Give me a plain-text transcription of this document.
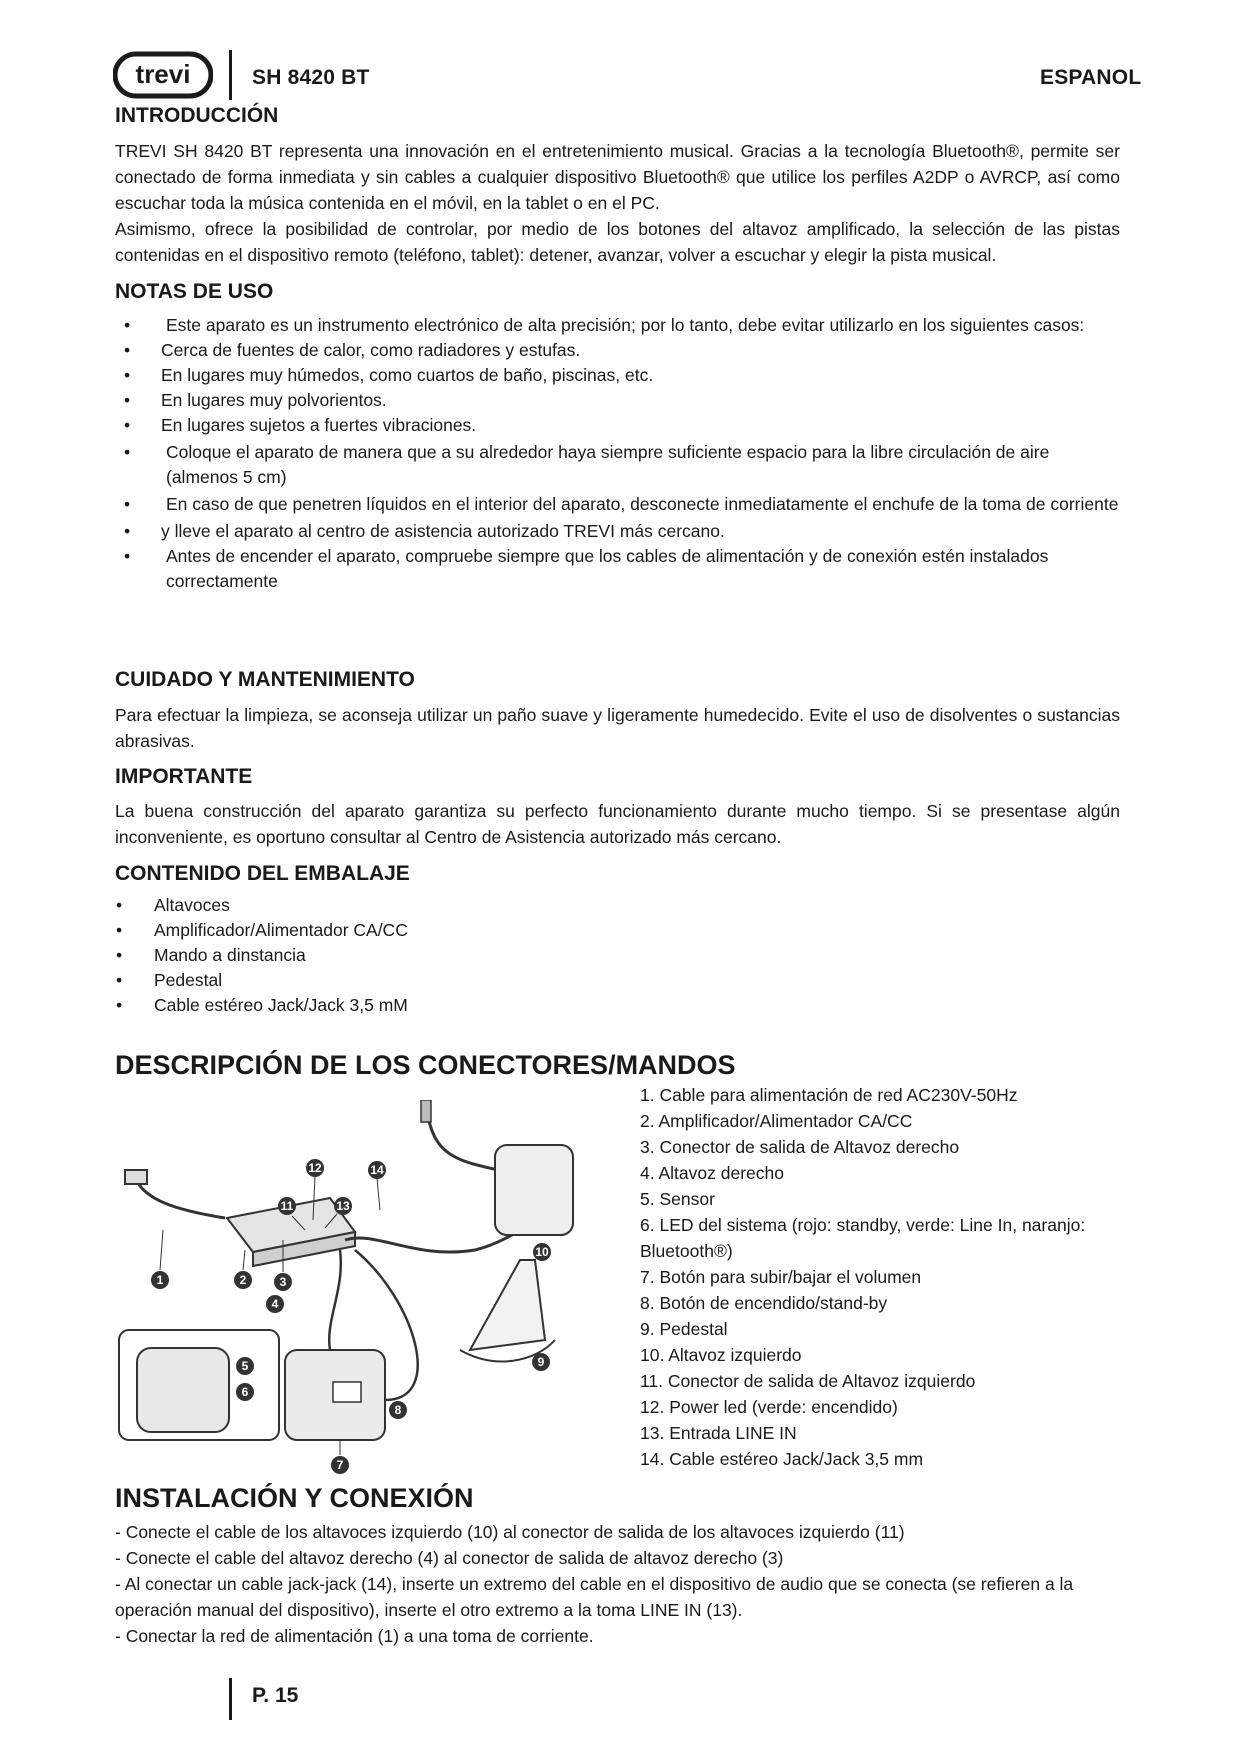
trevi	SH 8420 BT	ESPANOL
INTRODUCCIÓN

TREVI SH 8420 BT representa una innovación en el entretenimiento musical. Gracias a la tecnología Bluetooth®, permite ser conectado de forma inmediata y sin cables a cualquier dispositivo Bluetooth® que utilice los perfiles A2DP o AVRCP, así como escuchar toda la música contenida en el móvil, en la tablet o en el PC.

Asimismo, ofrece la posibilidad de controlar, por medio de los botones del altavoz amplificado, la selección de las pistas contenidas en el dispositivo remoto (teléfono, tablet): detener, avanzar, volver a escuchar y elegir la pista musical.

NOTAS DE USO
• Este aparato es un instrumento electrónico de alta precisión; por lo tanto, debe evitar utilizarlo en los siguientes casos:
• Cerca de fuentes de calor, como radiadores y estufas.
• En lugares muy húmedos, como cuartos de baño, piscinas, etc.
• En lugares muy polvorientos.
• En lugares sujetos a fuertes vibraciones.
• Coloque el aparato de manera que a su alrededor haya siempre suficiente espacio para la libre circulación de aire (almenos 5 cm)
• En caso de que penetren líquidos en el interior del aparato, desconecte inmediatamente el enchufe de la toma de corriente
• y lleve el aparato al centro de asistencia autorizado TREVI más cercano.
• Antes de encender el aparato, compruebe siempre que los cables de alimentación y de conexión estén instalados correctamente
CUIDADO Y MANTENIMIENTO

Para efectuar la limpieza, se aconseja utilizar un paño suave y ligeramente humedecido. Evite el uso de disolventes o sustancias abrasivas.

IMPORTANTE

La buena construcción del aparato garantiza su perfecto funcionamiento durante mucho tiempo. Si se presentase algún inconveniente, es oportuno consultar al Centro de Asistencia autorizado más cercano.

CONTENIDO DEL EMBALAJE
• Altavoces
• Amplificador/Alimentador CA/CC
• Mando a dinstancia
• Pedestal
• Cable estéreo Jack/Jack 3,5 mM
DESCRIPCIÓN DE LOS CONECTORES/MANDOS
1	2	3
4
5
6
7
8
9
10
11
12
13
14
1. Cable para alimentación de red AC230V-50Hz
2. Amplificador/Alimentador CA/CC
3. Conector de salida de Altavoz derecho
4. Altavoz derecho
5. Sensor
6. LED del sistema (rojo: standby, verde: Line In, naranjo: Bluetooth®)
7. Botón para subir/bajar el volumen
8. Botón de encendido/stand-by
9. Pedestal
10. Altavoz izquierdo
11. Conector de salida de Altavoz izquierdo
12. Power led (verde: encendido)
13. Entrada LINE IN
14. Cable estéreo Jack/Jack 3,5 mm
INSTALACIÓN Y CONEXIÓN
- Conecte el cable de los altavoces izquierdo (10) al conector de salida de los altavoces izquierdo (11)
- Conecte el cable del altavoz derecho (4) al conector de salida de altavoz derecho (3)
- Al conectar un cable jack-jack (14), inserte un extremo del cable en el dispositivo de audio que se conecta (se refieren a la operación manual del dispositivo), inserte el otro extremo a la toma LINE IN (13).
- Conectar la red de alimentación (1) a una toma de corriente.
P. 15
